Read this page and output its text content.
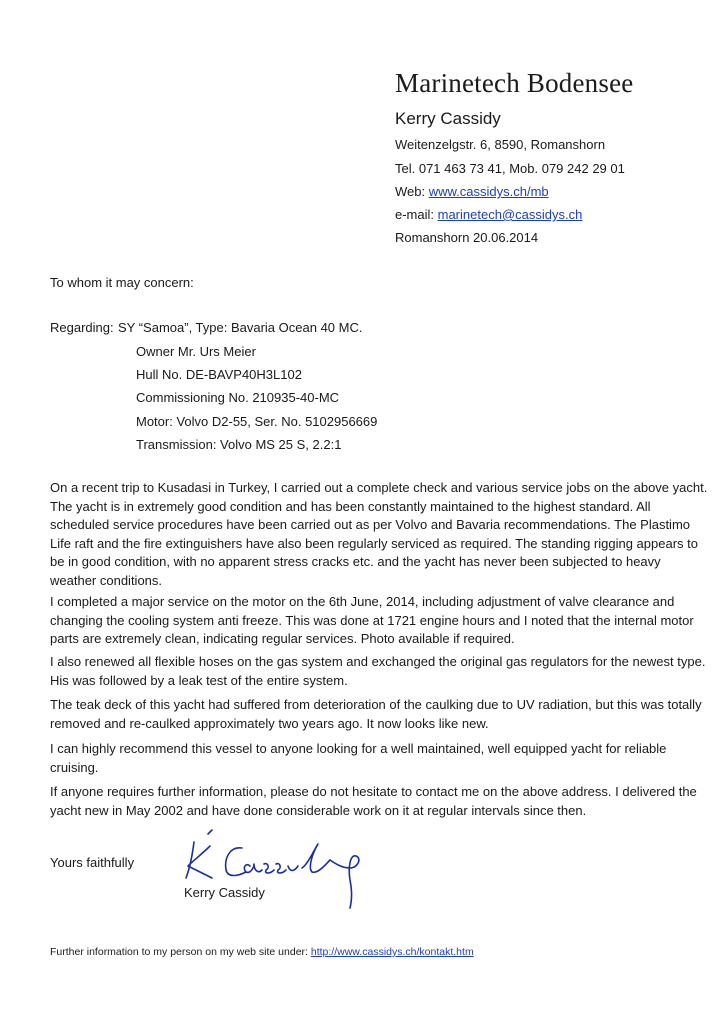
Marinetech Bodensee
Kerry Cassidy
Weitenzelgstr. 6, 8590, Romanshorn
Tel. 071 463 73 41, Mob. 079 242 29 01
Web: www.cassidys.ch/mb
e-mail: marinetech@cassidys.ch
Romanshorn 20.06.2014
To whom it may concern:
Regarding: SY “Samoa”, Type: Bavaria Ocean 40 MC.
Owner Mr. Urs Meier
Hull No. DE-BAVP40H3L102
Commissioning No. 210935-40-MC
Motor: Volvo D2-55, Ser. No. 5102956669
Transmission: Volvo MS 25 S, 2.2:1

On a recent trip to Kusadasi in Turkey, I carried out a complete check and various service jobs on the above yacht. The yacht is in extremely good condition and has been constantly maintained to the highest standard. All scheduled service procedures have been carried out as per Volvo and Bavaria recommendations. The Plastimo Life raft and the fire extinguishers have also been regularly serviced as required. The standing rigging appears to be in good condition, with no apparent stress cracks etc. and the yacht has never been subjected to heavy weather conditions.

I completed a major service on the motor on the 6th June, 2014, including adjustment of valve clearance and changing the cooling system anti freeze. This was done at 1721 engine hours and I noted that the internal motor parts are extremely clean, indicating regular services. Photo available if required.

I also renewed all flexible hoses on the gas system and exchanged the original gas regulators for the newest type. His was followed by a leak test of the entire system.

The teak deck of this yacht had suffered from deterioration of the caulking due to UV radiation, but this was totally removed and re-caulked approximately two years ago. It now looks like new.

I can highly recommend this vessel to anyone looking for a well maintained, well equipped yacht for reliable cruising.

If anyone requires further information, please do not hesitate to contact me on the above address. I delivered the yacht new in May 2002 and have done considerable work on it at regular intervals since then.

Yours faithfully
Kerry Cassidy
Further information to my person on my web site under: http://www.cassidys.ch/kontakt.htm
